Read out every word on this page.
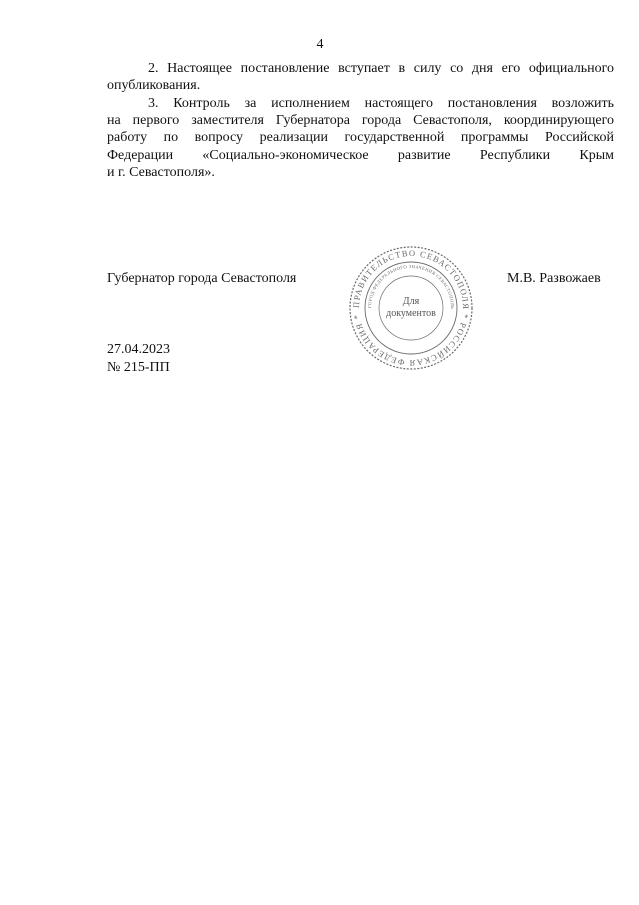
4
2. Настоящее постановление вступает в силу со дня его официального
опубликования.
3. Контроль за исполнением настоящего постановления возложить
на первого заместителя Губернатора города Севастополя, координирующего
работу по вопросу реализации государственной программы Российской
Федерации «Социально-экономическое развитие Республики Крым
и г. Севастополя».
Губернатор города Севастополя
ПРАВИТЕЛЬСТВО СЕВАСТОПОЛЯ * РОССИЙСКАЯ ФЕДЕРАЦИЯ *
ГОРОД ФЕДЕРАЛЬНОГО ЗНАЧЕНИЯ СЕВАСТОПОЛЬ
Для
документов
М.В. Развожаев
27.04.2023
№ 215-ПП
